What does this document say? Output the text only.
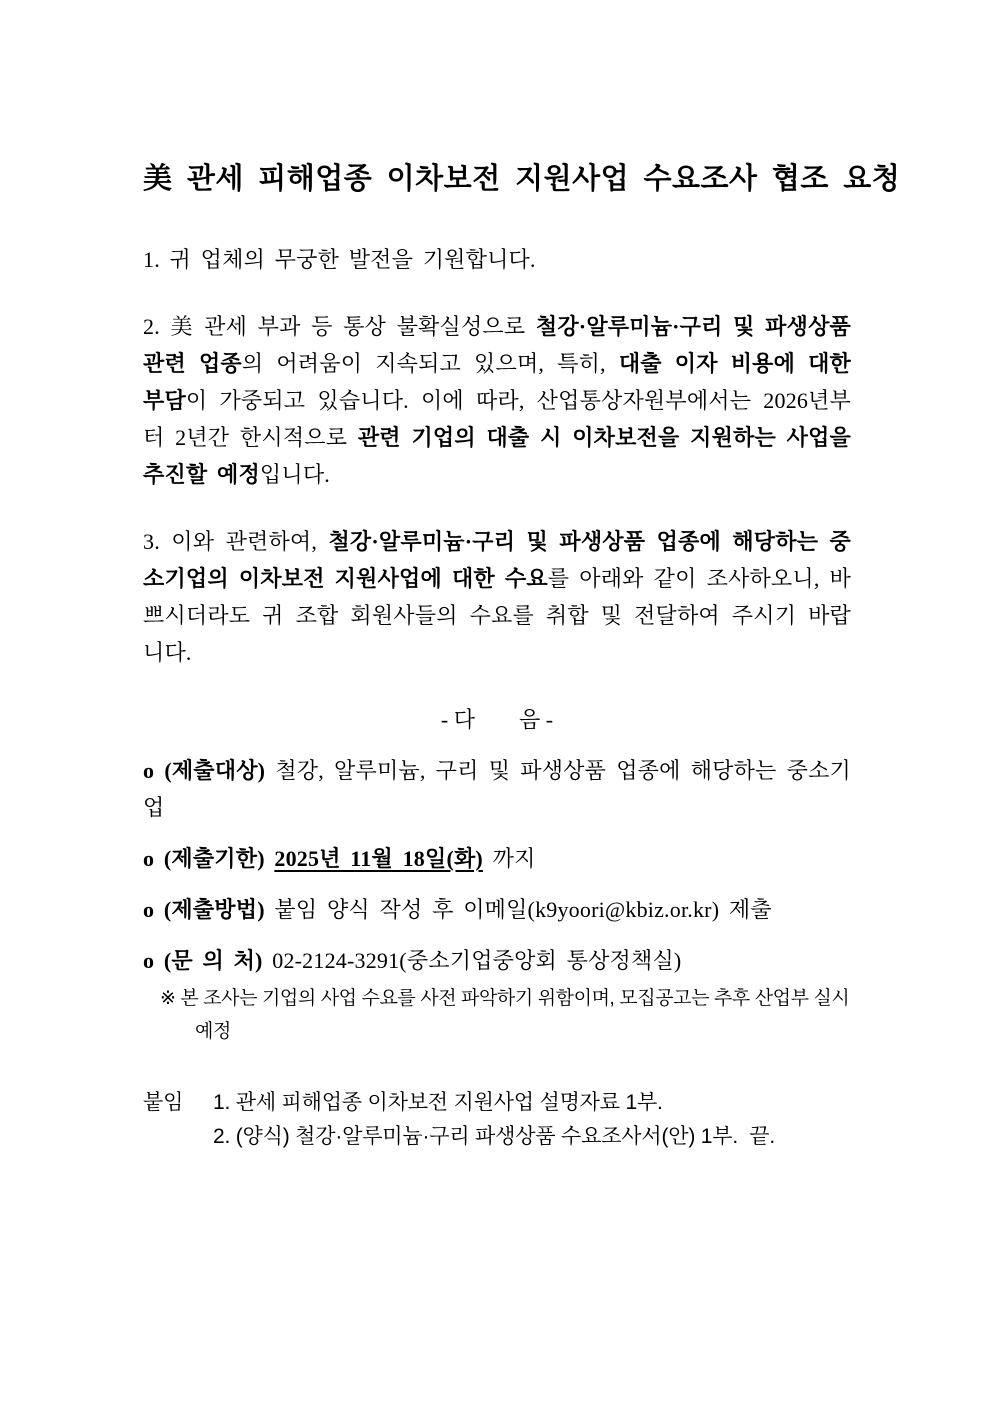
美 관세 피해업종 이차보전 지원사업 수요조사 협조 요청

1. 귀 업체의 무궁한 발전을 기원합니다.

2. 美 관세 부과 등 통상 불확실성으로 철강·알루미늄·구리 및 파생상품 관련 업종의 어려움이 지속되고 있으며, 특히, 대출 이자 비용에 대한 부담이 가중되고 있습니다. 이에 따라, 산업통상자원부에서는 2026년부터 2년간 한시적으로 관련 기업의 대출 시 이차보전을 지원하는 사업을 추진할 예정입니다.

3. 이와 관련하여, 철강·알루미늄·구리 및 파생상품 업종에 해당하는 중소기업의 이차보전 지원사업에 대한 수요를 아래와 같이 조사하오니, 바쁘시더라도 귀 조합 회원사들의 수요를 취합 및 전달하여 주시기 바랍니다.

- 다        음 -

o (제출대상) 철강, 알루미늄, 구리 및 파생상품 업종에 해당하는 중소기업

o (제출기한) 2025년 11월 18일(화) 까지

o (제출방법) 붙임 양식 작성 후 이메일(k9yoori@kbiz.or.kr) 제출

o (문 의 처) 02-2124-3291(중소기업중앙회 통상정책실)

※ 본 조사는 기업의 사업 수요를 사전 파악하기 위함이며, 모집공고는 추후 산업부 실시
예정
붙임	1. 관세 피해업종 이차보전 지원사업 설명자료 1부.
2. (양식) 철강·알루미늄·구리 파생상품 수요조사서(안) 1부.  끝.
